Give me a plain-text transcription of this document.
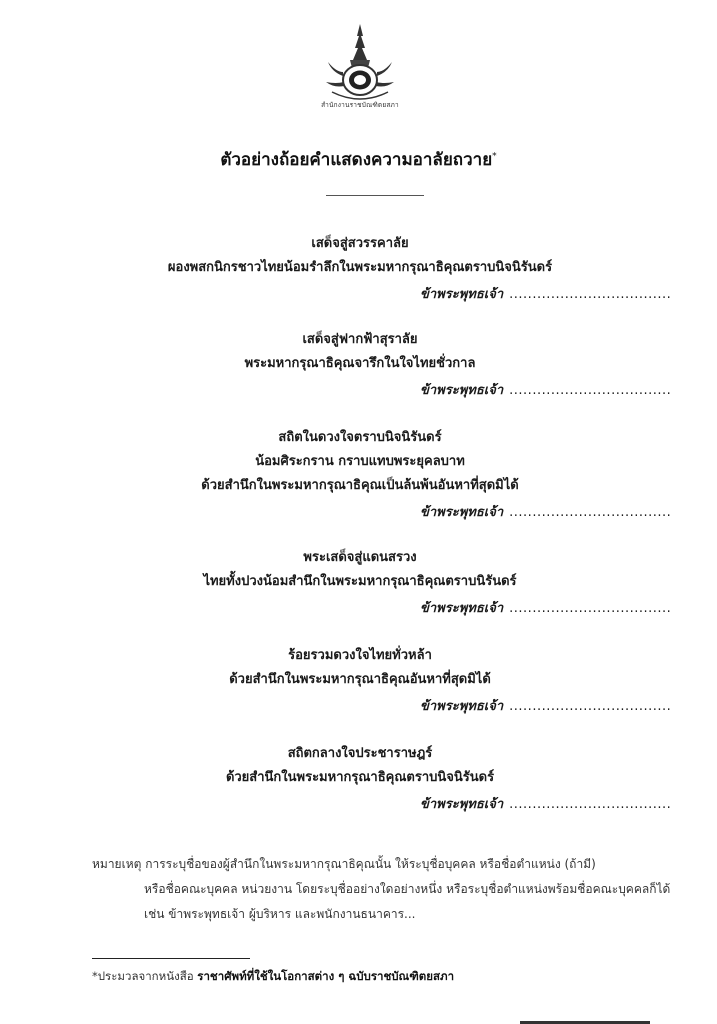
สำนักงานราชบัณฑิตยสภา
ตัวอย่างถ้อยคำแสดงความอาลัยถวาย*
เสด็จสู่สวรรคาลัย
ผองพสกนิกรชาวไทยน้อมรำลึกในพระมหากรุณาธิคุณตราบนิจนิรันดร์
ข้าพระพุทธเจ้า ...................................
เสด็จสู่ฟากฟ้าสุราลัย
พระมหากรุณาธิคุณจารึกในใจไทยชั่วกาล
ข้าพระพุทธเจ้า ...................................
สถิตในดวงใจตราบนิจนิรันดร์
น้อมศิระกราน กราบแทบพระยุคลบาท
ด้วยสำนึกในพระมหากรุณาธิคุณเป็นล้นพ้นอันหาที่สุดมิได้
ข้าพระพุทธเจ้า ...................................
พระเสด็จสู่แดนสรวง
ไทยทั้งปวงน้อมสำนึกในพระมหากรุณาธิคุณตราบนิรันดร์
ข้าพระพุทธเจ้า ...................................
ร้อยรวมดวงใจไทยทั่วหล้า
ด้วยสำนึกในพระมหากรุณาธิคุณอันหาที่สุดมิได้
ข้าพระพุทธเจ้า ...................................
สถิตกลางใจประชาราษฎร์
ด้วยสำนึกในพระมหากรุณาธิคุณตราบนิจนิรันดร์
ข้าพระพุทธเจ้า ...................................
หมายเหตุ การระบุชื่อของผู้สำนึกในพระมหากรุณาธิคุณนั้น ให้ระบุชื่อบุคคล หรือชื่อตำแหน่ง (ถ้ามี)
หรือชื่อคณะบุคคล หน่วยงาน โดยระบุชื่ออย่างใดอย่างหนึ่ง หรือระบุชื่อตำแหน่งพร้อมชื่อคณะบุคคลก็ได้
เช่น ข้าพระพุทธเจ้า ผู้บริหาร และพนักงานธนาคาร...
*ประมวลจากหนังสือ ราชาศัพท์ที่ใช้ในโอกาสต่าง ๆ ฉบับราชบัณฑิตยสภา
